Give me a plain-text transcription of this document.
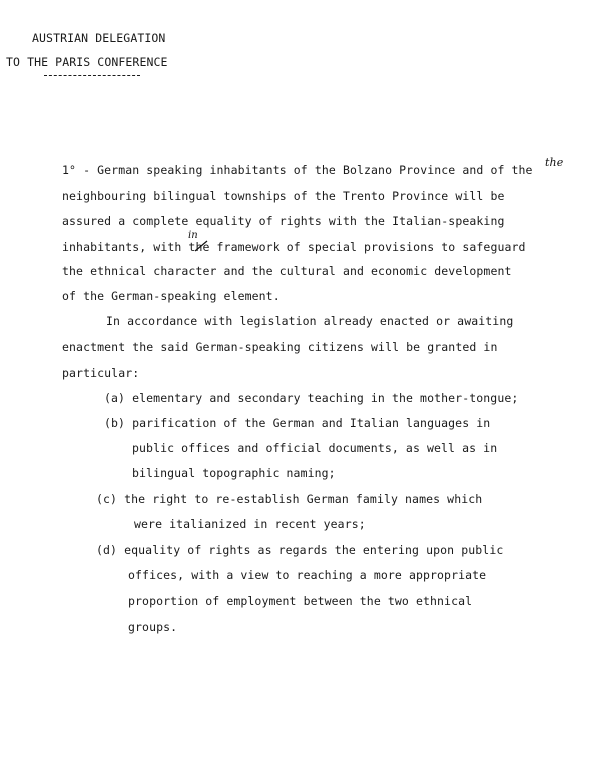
AUSTRIAN DELEGATION
TO THE PARIS CONFERENCE
1° - German speaking inhabitants of the Bolzano Province and of the
neighbouring bilingual townships of the Trento Province will be
assured a complete equality of rights with the Italian-speaking
inhabitants, with the framework of special provisions to safeguard
the ethnical character and the cultural and economic development
of the German-speaking element.
In accordance with legislation already enacted or awaiting
enactment the said German-speaking citizens will be granted in
particular:
(a) elementary and secondary teaching in the mother-tongue;
(b) parification of the German and Italian languages in
public offices and official documents, as well as in
bilingual topographic naming;
(c) the right to re-establish German family names which
were italianized in recent years;
(d) equality of rights as regards the entering upon public
offices, with a view to reaching a more appropriate
proportion of employment between the two ethnical
groups.
the
in
